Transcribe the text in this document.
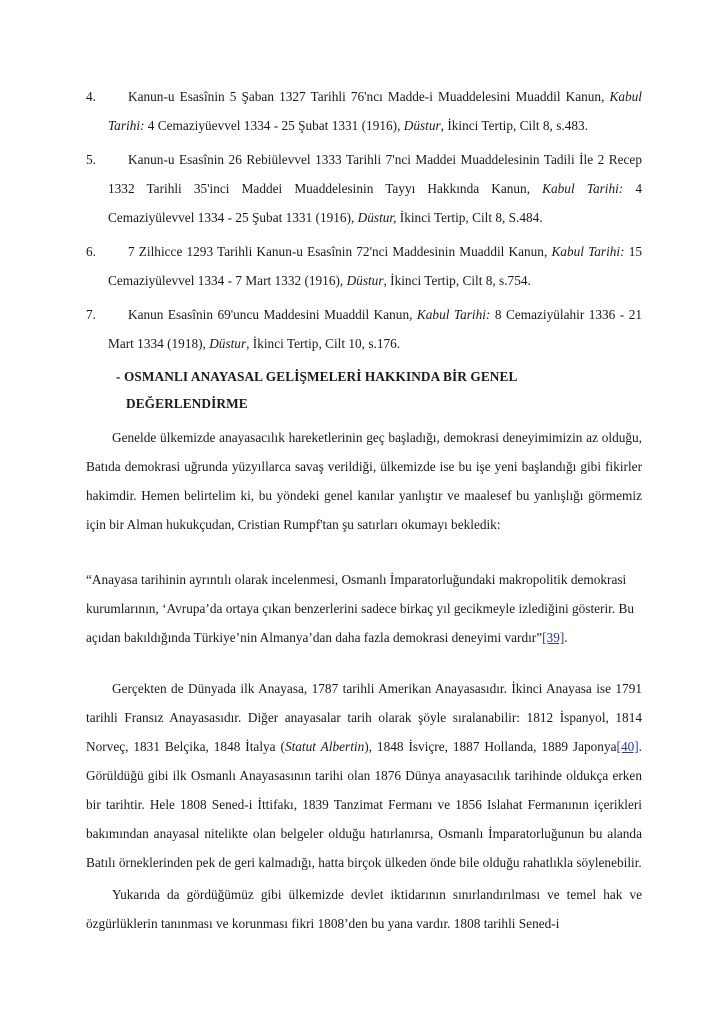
4.	Kanun-u Esasînin 5 Şaban 1327 Tarihli 76'ncı Madde-i Muaddelesini Muaddil Kanun, Kabul Tarihi: 4 Cemaziyüevvel 1334 - 25 Şubat 1331 (1916), Düstur, İkinci Tertip, Cilt 8, s.483.
5.	Kanun-u Esasînin 26 Rebiülevvel 1333 Tarihli 7'nci Maddei Muaddelesinin Tadili İle 2 Recep 1332 Tarihli 35'inci Maddei Muaddelesinin Tayyı Hakkında Kanun, Kabul Tarihi: 4 Cemaziyülevvel 1334 - 25 Şubat 1331 (1916), Düstur, İkinci Tertip, Cilt 8, S.484.
6.	7 Zilhicce 1293 Tarihli Kanun-u Esasînin 72'nci Maddesinin Muaddil Kanun, Kabul Tarihi: 15 Cemaziyülevvel 1334 - 7 Mart 1332 (1916), Düstur, İkinci Tertip, Cilt 8, s.754.
7.	Kanun Esasînin 69'uncu Maddesini Muaddil Kanun, Kabul Tarihi: 8 Cemaziyülahir 1336 - 21 Mart 1334 (1918), Düstur, İkinci Tertip, Cilt 10, s.176.
- OSMANLI ANAYASAL GELİŞMELERİ HAKKINDA BİR GENEL
DEĞERLENDİRME

Genelde ülkemizde anayasacılık hareketlerinin geç başladığı, demokrasi deneyimimizin az olduğu, Batıda demokrasi uğrunda yüzyıllarca savaş verildiği, ülkemizde ise bu işe yeni başlandığı gibi fikirler hakimdir. Hemen belirtelim ki, bu yöndeki genel kanılar yanlıştır ve maalesef bu yanlışlığı görmemiz için bir Alman hukukçudan, Cristian Rumpf'tan şu satırları okumayı bekledik:

“Anayasa tarihinin ayrıntılı olarak incelenmesi, Osmanlı İmparatorluğundaki makropolitik demokrasi kurumlarının, ‘Avrupa’da ortaya çıkan benzerlerini sadece birkaç yıl gecikmeyle izlediğini gösterir. Bu açıdan bakıldığında Türkiye’nin Almanya’dan daha fazla demokrasi deneyimi vardır”[39].

Gerçekten de Dünyada ilk Anayasa, 1787 tarihli Amerikan Anayasasıdır. İkinci Anayasa ise 1791 tarihli Fransız Anayasasıdır. Diğer anayasalar tarih olarak şöyle sıralanabilir: 1812 İspanyol, 1814 Norveç, 1831 Belçika, 1848 İtalya (Statut Albertin), 1848 İsviçre, 1887 Hollanda, 1889 Japonya[40]. Görüldüğü gibi ilk Osmanlı Anayasasının tarihi olan 1876 Dünya anayasacılık tarihinde oldukça erken bir tarihtir. Hele 1808 Sened-i İttifakı, 1839 Tanzimat Fermanı ve 1856 Islahat Fermanının içerikleri bakımından anayasal nitelikte olan belgeler olduğu hatırlanırsa, Osmanlı İmparatorluğunun bu alanda Batılı örneklerinden pek de geri kalmadığı, hatta birçok ülkeden önde bile olduğu rahatlıkla söylenebilir.

Yukarıda da gördüğümüz gibi ülkemizde devlet iktidarının sınırlandırılması ve temel hak ve özgürlüklerin tanınması ve korunması fikri 1808’den bu yana vardır. 1808 tarihli Sened-i
